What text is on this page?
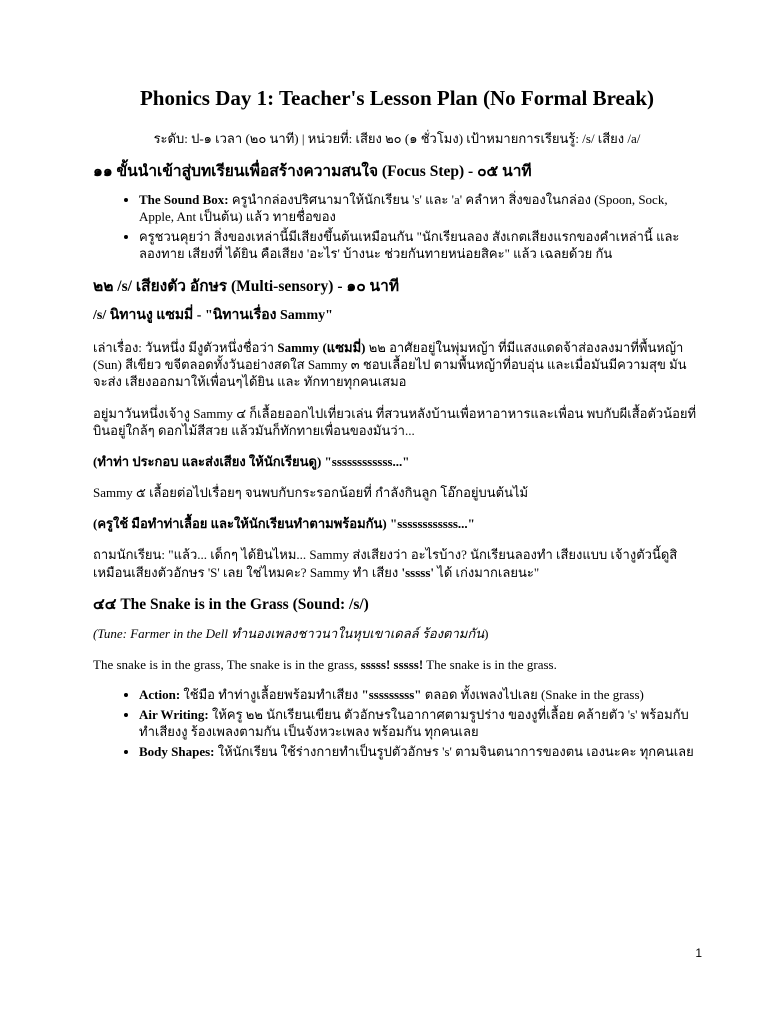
Phonics Day 1: Teacher's Lesson Plan (No Formal Break)
ระดับ: ป-๑ เวลา (๒๐ นาที) | หน่วยที่: เสียง ๒๐ (๑ ชั่วโมง) เป้าหมายการเรียนรู้: /s/ เสียง /a/
๑๑ ขั้นนำเข้าสู่บทเรียนเพื่อสร้างความสนใจ (Focus Step) - ๐๕ นาที
• The Sound Box: ครูนำกล่องปริศนามาให้นักเรียน 's' และ 'a' คลำหา สิ่งของในกล่อง (Spoon, Sock, Apple, Ant เป็นต้น) แล้ว ทายชื่อของ
• ครูชวนคุยว่า สิ่งของเหล่านี้มีเสียงขึ้นต้นเหมือนกัน "นักเรียนลอง สังเกตเสียงแรกของคำเหล่านี้ และ ลองทาย เสียงที่ ได้ยิน คือเสียง 'อะไร' บ้างนะ ช่วยกันทายหน่อยสิคะ" แล้ว เฉลยด้วย กัน
๒๒ /s/ เสียงตัว อักษร (Multi-sensory) - ๑๐ นาที
/s/ นิทานงู แซมมี่ - "นิทานเรื่อง Sammy"

เล่าเรื่อง: วันหนึ่ง มีงูตัวหนึ่งชื่อว่า Sammy (แซมมี่) ๒๒ อาศัยอยู่ในพุ่มหญ้า ที่มีแสงแดดจ้าส่องลงมาที่พื้นหญ้า (Sun) สีเขียว ขจีตลอดทั้งวันอย่างสดใส Sammy ๓ ชอบเลื้อยไป ตามพื้นหญ้าที่อบอุ่น และเมื่อมันมีความสุข มันจะส่ง เสียงออกมาให้เพื่อนๆได้ยิน และ ทักทายทุกคนเสมอ

อยู่มาวันหนึ่งเจ้างู Sammy ๔ ก็เลื้อยออกไปเที่ยวเล่น ที่สวนหลังบ้านเพื่อหาอาหารและเพื่อน พบกับผีเสื้อตัวน้อยที่ บินอยู่ใกล้ๆ ดอกไม้สีสวย แล้วมันก็ทักทายเพื่อนของมันว่า...

(ทำท่า ประกอบ และส่งเสียง ให้นักเรียนดู) "ssssssssssss..."

Sammy ๕ เลื้อยต่อไปเรื่อยๆ จนพบกับกระรอกน้อยที่ กำลังกินลูก โอ๊กอยู่บนต้นไม้

(ครูใช้ มือทำท่าเลื้อย และให้นักเรียนทำตามพร้อมกัน) "ssssssssssss..."

ถามนักเรียน: "แล้ว... เด็กๆ ได้ยินไหม... Sammy ส่งเสียงว่า อะไรบ้าง? นักเรียนลองทำ เสียงแบบ เจ้างูตัวนี้ดูสิ เหมือนเสียงตัวอักษร 'S' เลย ใช่ไหมคะ? Sammy ทำ เสียง 'sssss' ได้ เก่งมากเลยนะ"

๔๔ The Snake is in the Grass (Sound: /s/)

(Tune: Farmer in the Dell ทำนองเพลงชาวนาในหุบเขาเดลล์ ร้องตามกัน)

The snake is in the grass, The snake is in the grass, sssss! sssss! The snake is in the grass.

• Action: ใช้มือ ทำท่างูเลื้อยพร้อมทำเสียง "sssssssss" ตลอด ทั้งเพลงไปเลย (Snake in the grass)
• Air Writing: ให้ครู ๒๒ นักเรียนเขียน ตัวอักษรในอากาศตามรูปร่าง ของงูที่เลื้อย คล้ายตัว 's' พร้อมกับ ทำเสียงงู ร้องเพลงตามกัน เป็นจังหวะเพลง พร้อมกัน ทุกคนเลย
• Body Shapes: ให้นักเรียน ใช้ร่างกายทำเป็นรูปตัวอักษร 's' ตามจินตนาการของตน เองนะคะ ทุกคนเลย
1
